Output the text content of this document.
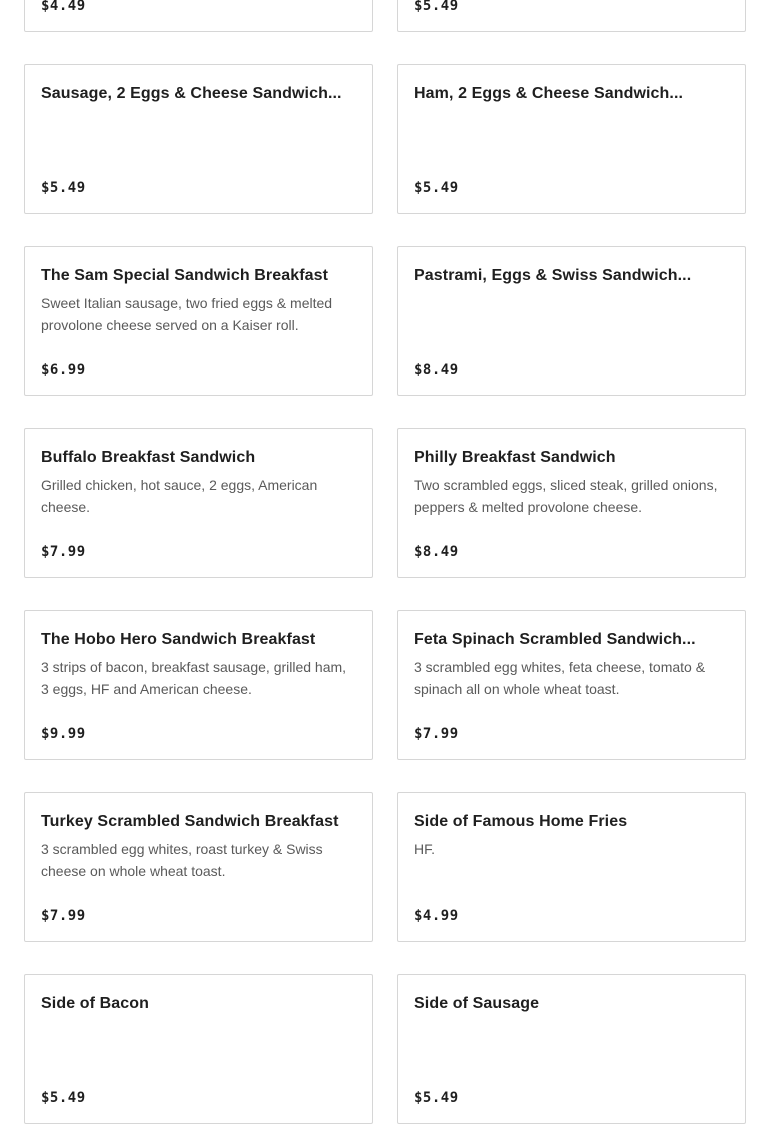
$4.49	$5.49
Sausage, 2 Eggs & Cheese Sandwich...
$5.49
Ham, 2 Eggs & Cheese Sandwich...
$5.49
The Sam Special Sandwich Breakfast
Sweet Italian sausage, two fried eggs & melted provolone cheese served on a Kaiser roll.
$6.99
Pastrami, Eggs & Swiss Sandwich...
$8.49
Buffalo Breakfast Sandwich
Grilled chicken, hot sauce, 2 eggs, American cheese.
$7.99
Philly Breakfast Sandwich
Two scrambled eggs, sliced steak, grilled onions, peppers & melted provolone cheese.
$8.49
The Hobo Hero Sandwich Breakfast
3 strips of bacon, breakfast sausage, grilled ham, 3 eggs, HF and American cheese.
$9.99
Feta Spinach Scrambled Sandwich...
3 scrambled egg whites, feta cheese, tomato & spinach all on whole wheat toast.
$7.99
Turkey Scrambled Sandwich Breakfast
3 scrambled egg whites, roast turkey & Swiss cheese on whole wheat toast.
$7.99
Side of Famous Home Fries
HF.
$4.99
Side of Bacon
$5.49
Side of Sausage
$5.49
